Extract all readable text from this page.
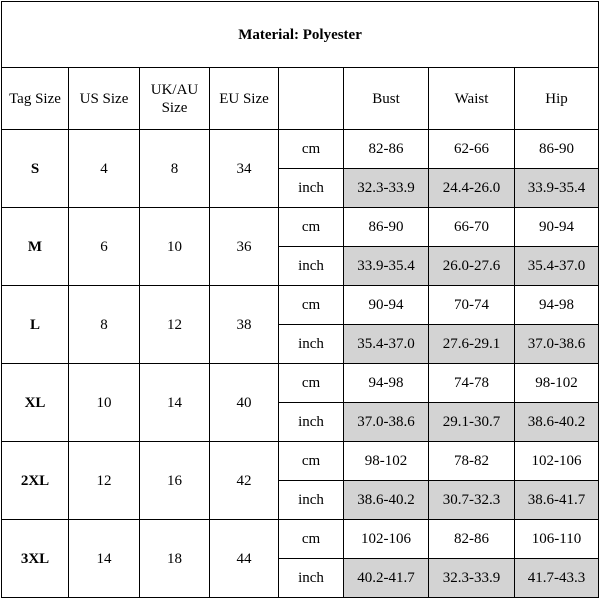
Material: Polyester							
Tag Size	US Size	UK/AU Size	EU Size		Bust	Waist	Hip
S	4	8	34	cm	82-86	62-66	86-90
				inch	32.3-33.9	24.4-26.0	33.9-35.4
M	6	10	36	cm	86-90	66-70	90-94
				inch	33.9-35.4	26.0-27.6	35.4-37.0
L	8	12	38	cm	90-94	70-74	94-98
				inch	35.4-37.0	27.6-29.1	37.0-38.6
XL	10	14	40	cm	94-98	74-78	98-102
				inch	37.0-38.6	29.1-30.7	38.6-40.2
2XL	12	16	42	cm	98-102	78-82	102-106
				inch	38.6-40.2	30.7-32.3	38.6-41.7
3XL	14	18	44	cm	102-106	82-86	106-110
				inch	40.2-41.7	32.3-33.9	41.7-43.3
